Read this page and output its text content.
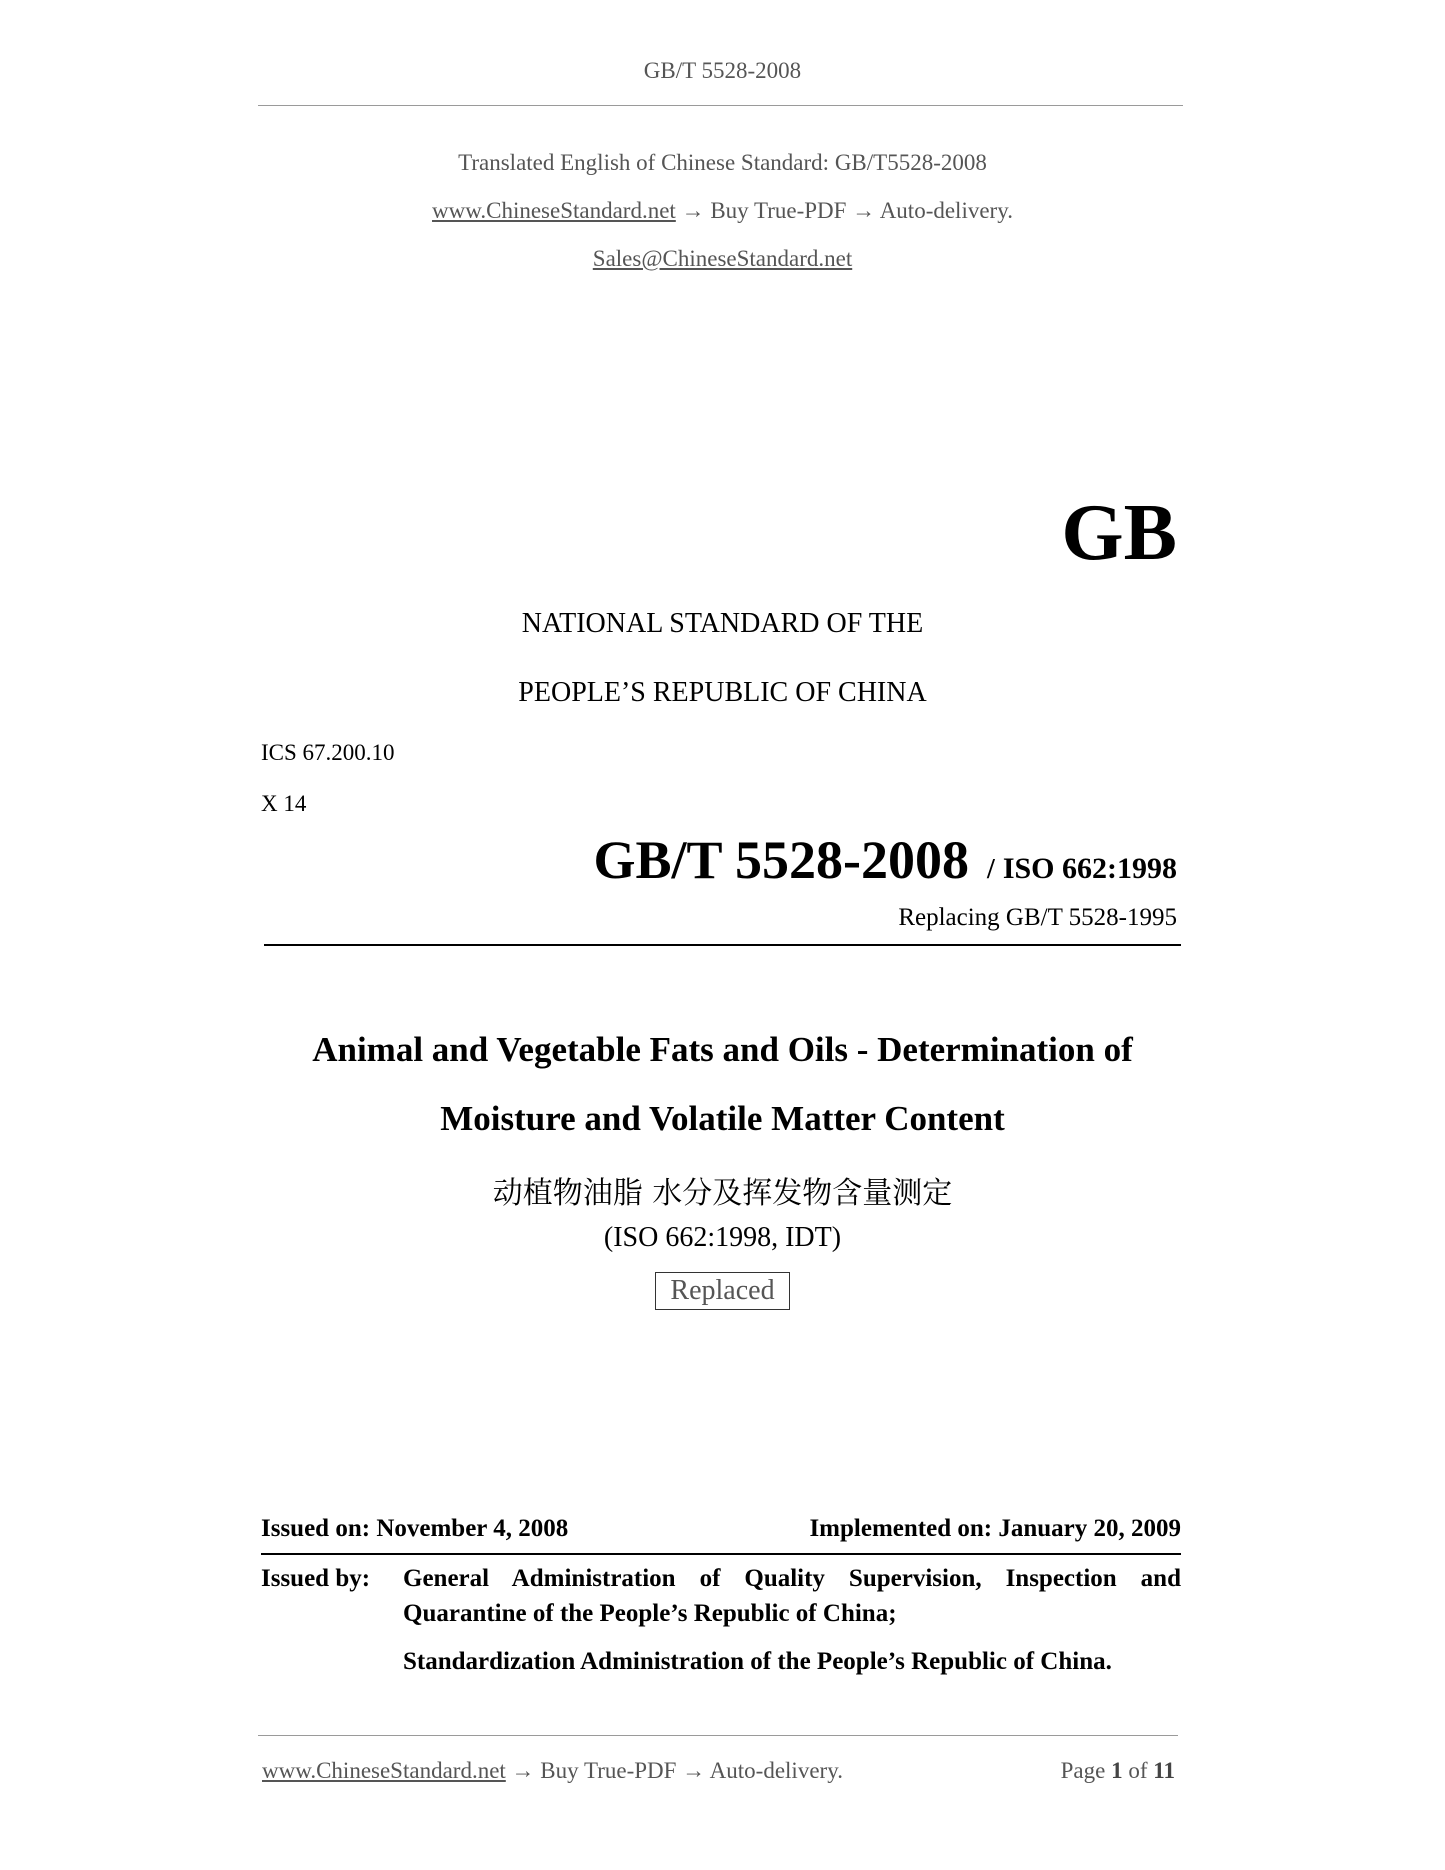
GB/T 5528-2008
Translated English of Chinese Standard: GB/T5528-2008
www.ChineseStandard.net → Buy True-PDF → Auto-delivery.
Sales@ChineseStandard.net
GB
NATIONAL STANDARD OF THE
PEOPLE’S REPUBLIC OF CHINA
ICS 67.200.10
X 14
GB/T 5528-2008 / ISO 662:1998
Replacing GB/T 5528-1995
Animal and Vegetable Fats and Oils - Determination of
Moisture and Volatile Matter Content
动植物油脂 水分及挥发物含量测定
(ISO 662:1998, IDT)
Replaced
Issued on: November 4, 2008	Implemented on: January 20, 2009
Issued by: General Administration of Quality Supervision, Inspection and
Quarantine of the People’s Republic of China;
Standardization Administration of the People’s Republic of China.
www.ChineseStandard.net → Buy True-PDF → Auto-delivery.	Page 1 of 11
